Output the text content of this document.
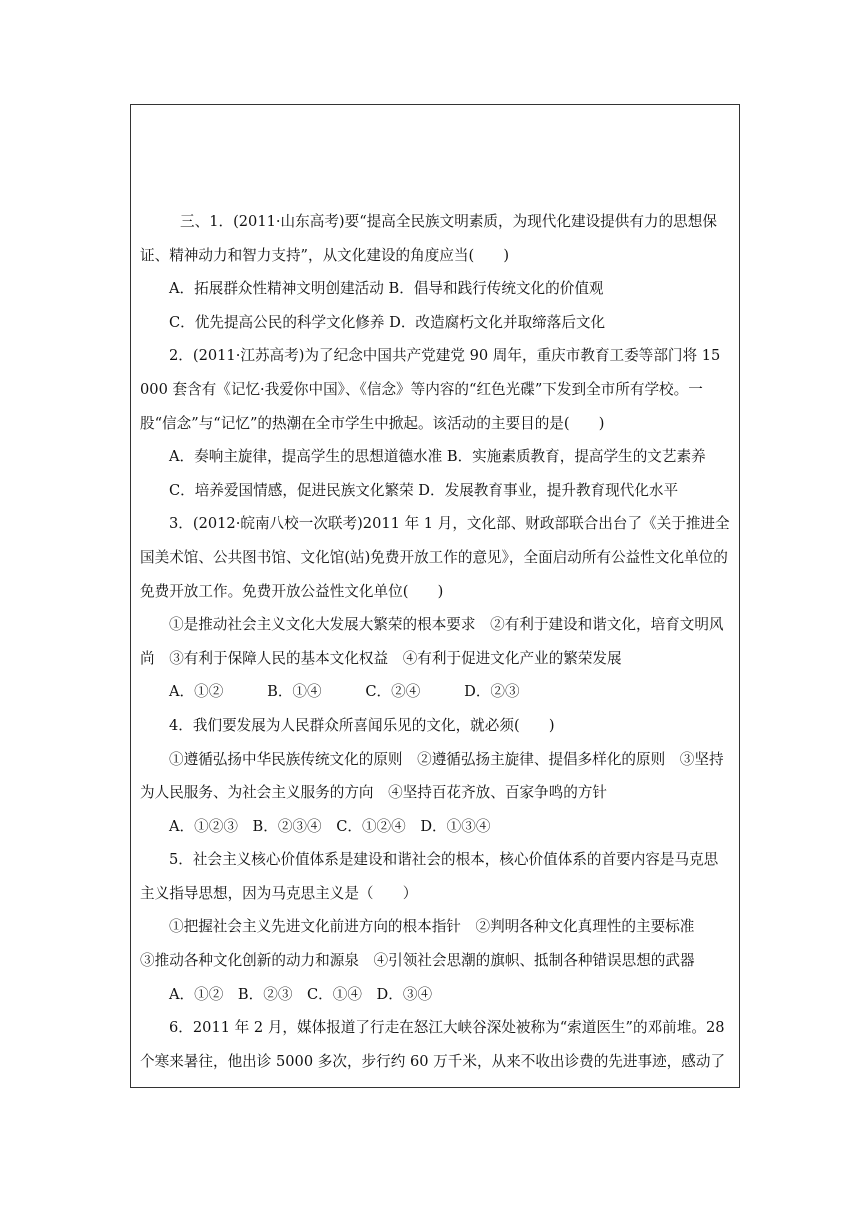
三、1．(2011·山东高考)要“提高全民族文明素质，为现代化建设提供有力的思想保证、精神动力和智力支持”，从文化建设的角度应当(　　)

A．拓展群众性精神文明创建活动 B．倡导和践行传统文化的价值观

C．优先提高公民的科学文化修养 D．改造腐朽文化并取缔落后文化

2．(2011·江苏高考)为了纪念中国共产党建党 90 周年，重庆市教育工委等部门将 15 000 套含有《记忆·我爱你中国》、《信念》等内容的“红色光碟”下发到全市所有学校。一股“信念”与“记忆”的热潮在全市学生中掀起。该活动的主要目的是(　　)

A．奏响主旋律，提高学生的思想道德水准 B．实施素质教育，提高学生的文艺素养

C．培养爱国情感，促进民族文化繁荣 D．发展教育事业，提升教育现代化水平

3．(2012·皖南八校一次联考)2011 年 1 月，文化部、财政部联合出台了《关于推进全国美术馆、公共图书馆、文化馆(站)免费开放工作的意见》，全面启动所有公益性文化单位的免费开放工作。免费开放公益性文化单位(　　)

①是推动社会主义文化大发展大繁荣的根本要求　②有利于建设和谐文化，培育文明风尚　③有利于保障人民的基本文化权益　④有利于促进文化产业的繁荣发展

A．①②　　　B．①④　　　C．②④　　　D．②③

4．我们要发展为人民群众所喜闻乐见的文化，就必须(　　)

①遵循弘扬中华民族传统文化的原则　②遵循弘扬主旋律、提倡多样化的原则　③坚持为人民服务、为社会主义服务的方向　④坚持百花齐放、百家争鸣的方针

A．①②③　B．②③④　C．①②④　D．①③④

5．社会主义核心价值体系是建设和谐社会的根本，核心价值体系的首要内容是马克思主义指导思想，因为马克思主义是（　　）

①把握社会主义先进文化前进方向的根本指针　②判明各种文化真理性的主要标准

③推动各种文化创新的动力和源泉　④引领社会思潮的旗帜、抵制各种错误思想的武器

A．①②　B．②③　C．①④　D．③④

6．2011 年 2 月，媒体报道了行走在怒江大峡谷深处被称为“索道医生”的邓前堆。28 个寒来暑往，他出诊 5000 多次，步行约 60 万千米，从来不收出诊费的先进事迹，感动了
